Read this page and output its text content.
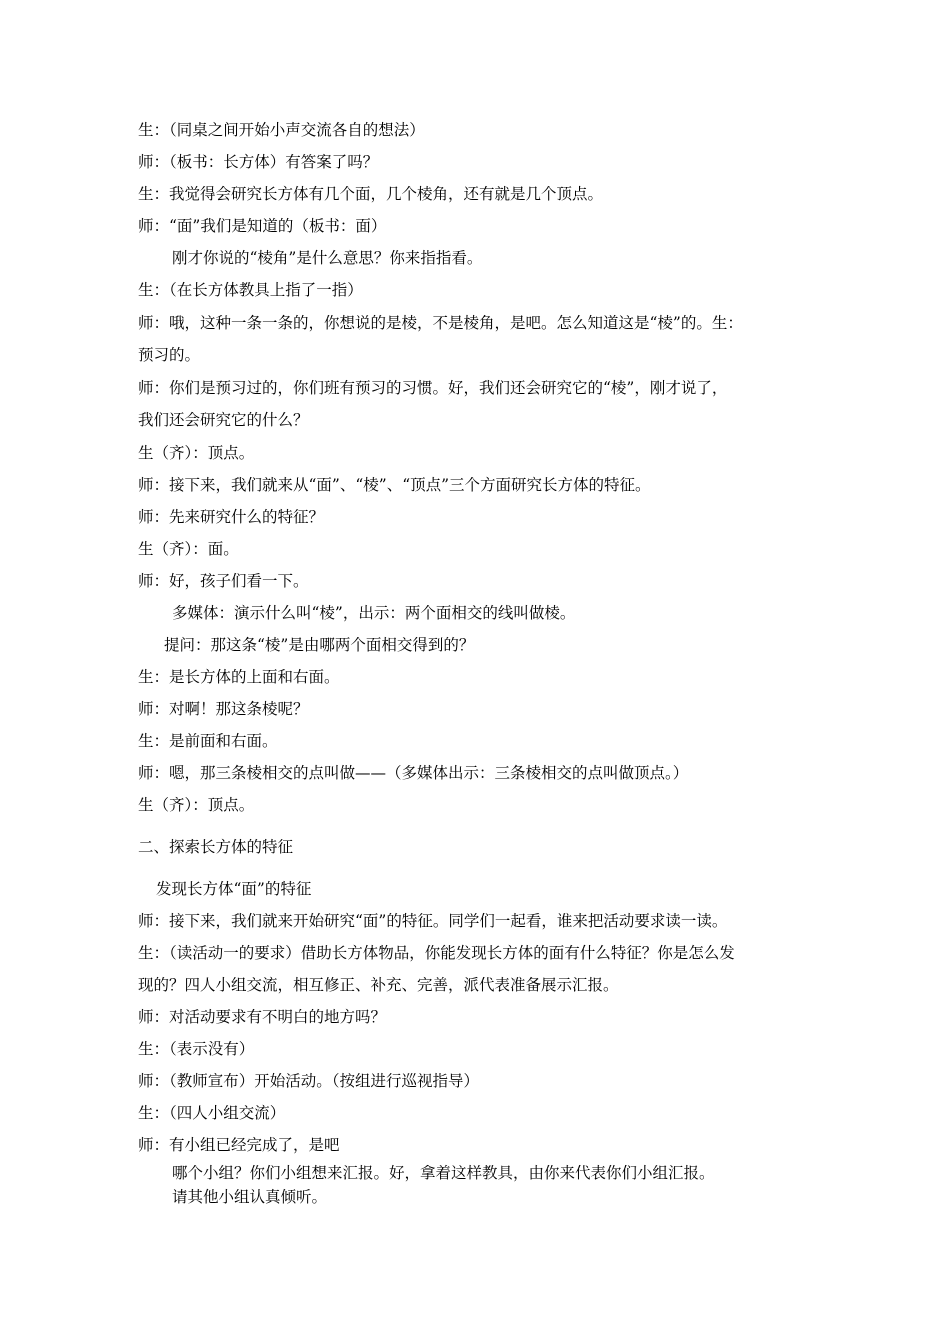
生：（同桌之间开始小声交流各自的想法）
师：（板书：长方体）有答案了吗？
生：我觉得会研究长方体有几个面，几个棱角，还有就是几个顶点。
师：“面”我们是知道的（板书：面）
刚才你说的“棱角”是什么意思？你来指指看。
生：（在长方体教具上指了一指）
师：哦，这种一条一条的，你想说的是棱，不是棱角，是吧。怎么知道这是“棱”的。生：
预习的。
师：你们是预习过的，你们班有预习的习惯。好，我们还会研究它的“棱”，刚才说了，
我们还会研究它的什么？
生（齐）：顶点。
师：接下来，我们就来从“面”、“棱”、“顶点”三个方面研究长方体的特征。
师：先来研究什么的特征？
生（齐）：面。
师：好，孩子们看一下。
多媒体：演示什么叫“棱”，出示：两个面相交的线叫做棱。
提问：那这条“棱”是由哪两个面相交得到的？
生：是长方体的上面和右面。
师：对啊！那这条棱呢？
生：是前面和右面。
师：嗯，那三条棱相交的点叫做——（多媒体出示：三条棱相交的点叫做顶点。）
生（齐）：顶点。
二、探索长方体的特征
发现长方体“面”的特征
师：接下来，我们就来开始研究“面”的特征。同学们一起看，谁来把活动要求读一读。
生：（读活动一的要求）借助长方体物品，你能发现长方体的面有什么特征？你是怎么发
现的？四人小组交流，相互修正、补充、完善，派代表准备展示汇报。
师：对活动要求有不明白的地方吗？
生：（表示没有）
师：（教师宣布）开始活动。（按组进行巡视指导）
生：（四人小组交流）
师：有小组已经完成了，是吧
哪个小组？你们小组想来汇报。好，拿着这样教具，由你来代表你们小组汇报。
请其他小组认真倾听。
